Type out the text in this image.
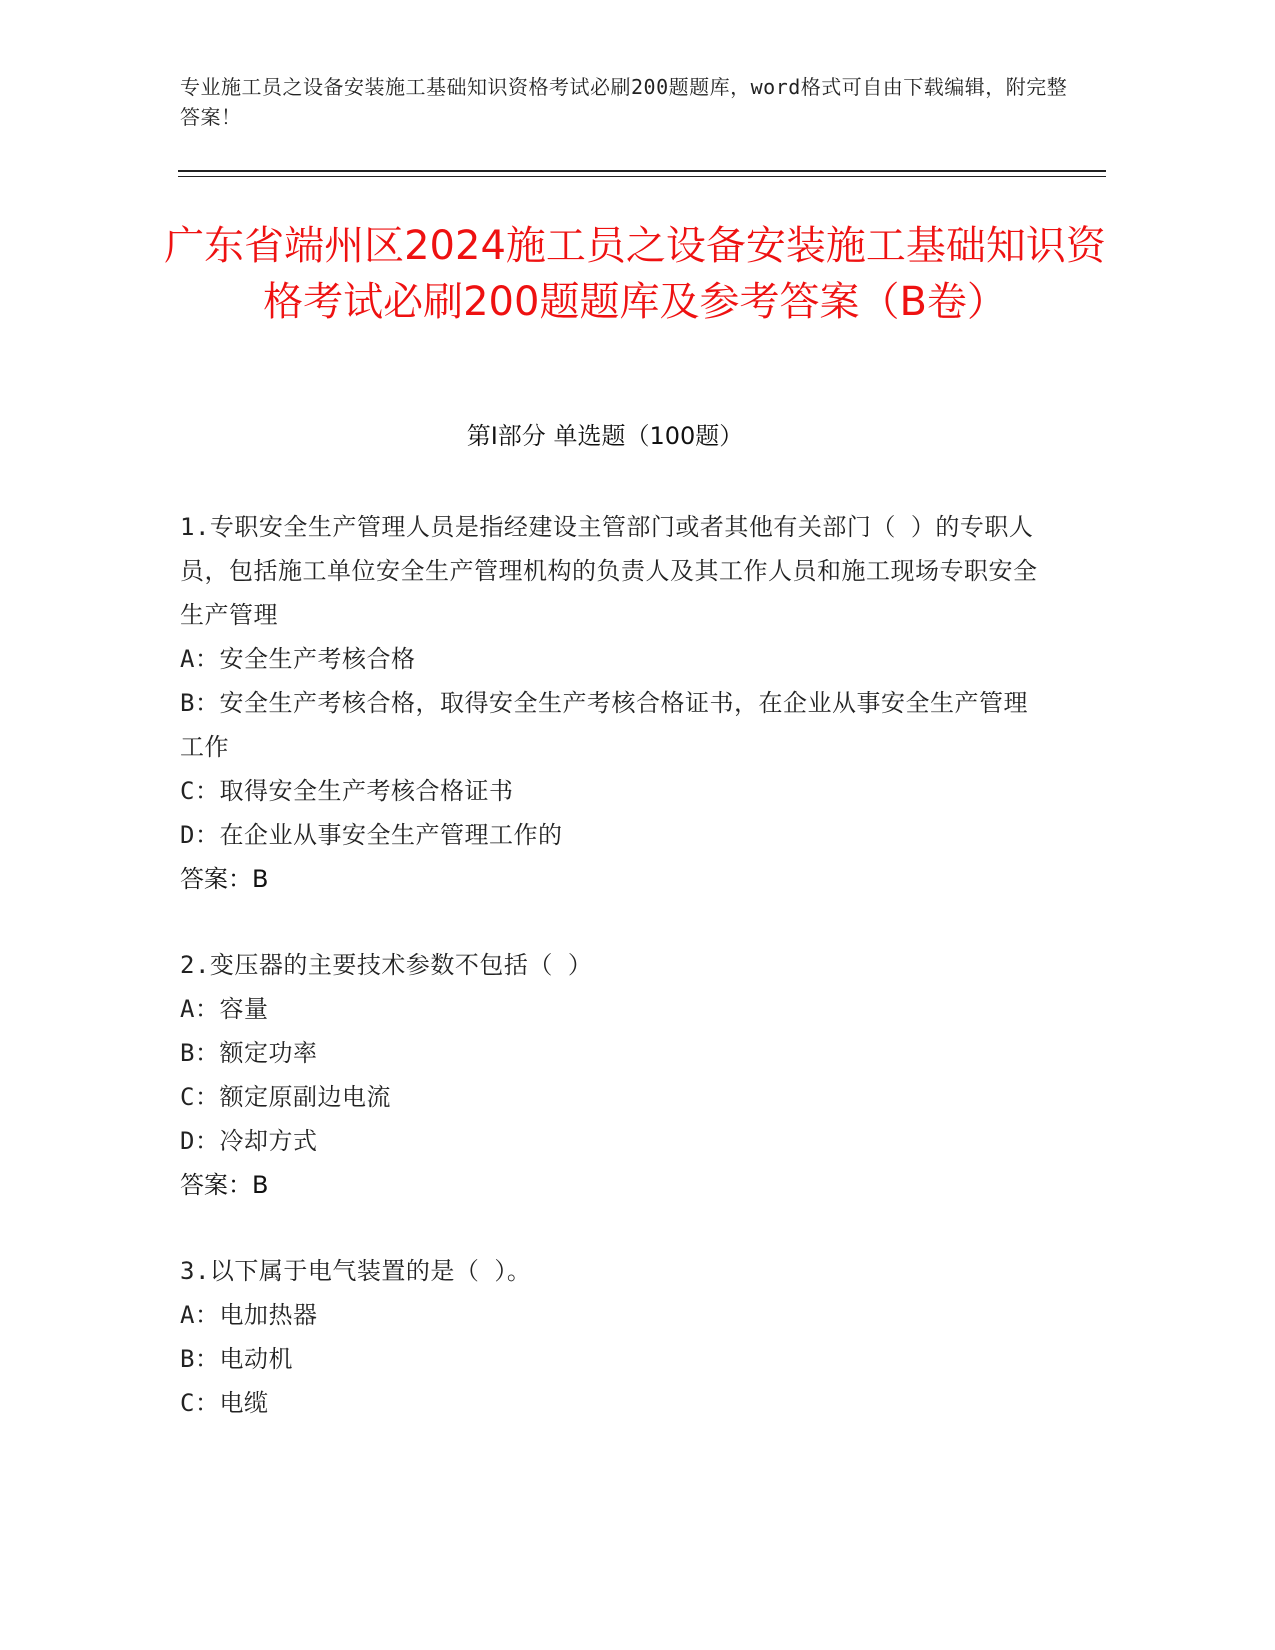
专业施工员之设备安装施工基础知识资格考试必刷200题题库，word格式可自由下载编辑，附完整答案！
广东省端州区2024施工员之设备安装施工基础知识资格考试必刷200题题库及参考答案（B卷）
第Ⅰ部分 单选题（100题）
1.专职安全生产管理人员是指经建设主管部门或者其他有关部门（ ）的专职人员，包括施工单位安全生产管理机构的负责人及其工作人员和施工现场专职安全生产管理
A：安全生产考核合格
B：安全生产考核合格，取得安全生产考核合格证书，在企业从事安全生产管理工作
C：取得安全生产考核合格证书
D：在企业从事安全生产管理工作的
答案：B
2.变压器的主要技术参数不包括（ ）
A：容量
B：额定功率
C：额定原副边电流
D：冷却方式
答案：B
3.以下属于电气装置的是（ ）。
A：电加热器
B：电动机
C：电缆
